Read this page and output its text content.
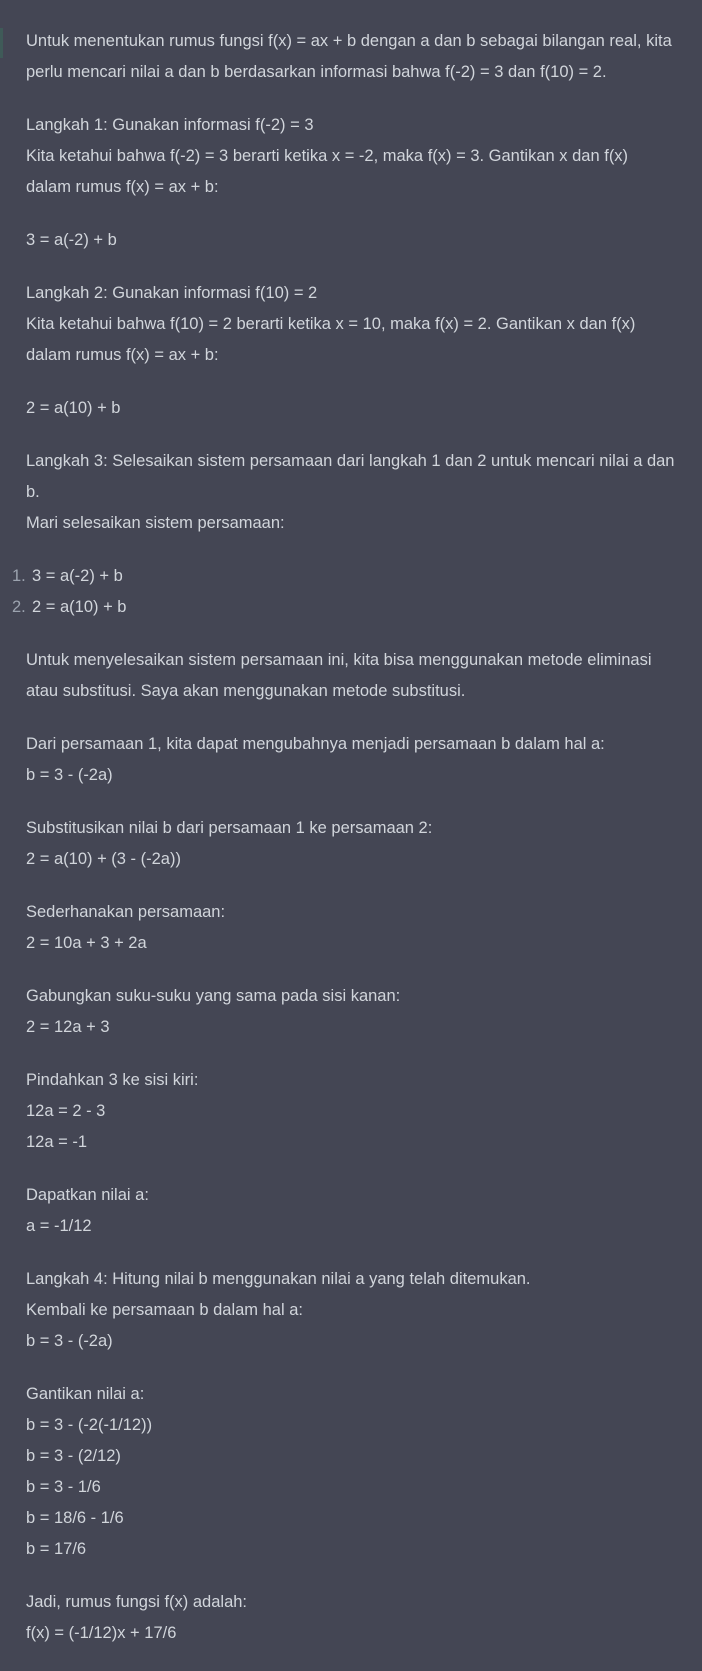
Untuk menentukan rumus fungsi f(x) = ax + b dengan a dan b sebagai bilangan real, kita perlu mencari nilai a dan b berdasarkan informasi bahwa f(-2) = 3 dan f(10) = 2.

Langkah 1: Gunakan informasi f(-2) = 3
Kita ketahui bahwa f(-2) = 3 berarti ketika x = -2, maka f(x) = 3. Gantikan x dan f(x) dalam rumus f(x) = ax + b:

3 = a(-2) + b

Langkah 2: Gunakan informasi f(10) = 2
Kita ketahui bahwa f(10) = 2 berarti ketika x = 10, maka f(x) = 2. Gantikan x dan f(x) dalam rumus f(x) = ax + b:

2 = a(10) + b

Langkah 3: Selesaikan sistem persamaan dari langkah 1 dan 2 untuk mencari nilai a dan b.
Mari selesaikan sistem persamaan:

1. 3 = a(-2) + b
2. 2 = a(10) + b

Untuk menyelesaikan sistem persamaan ini, kita bisa menggunakan metode eliminasi atau substitusi. Saya akan menggunakan metode substitusi.

Dari persamaan 1, kita dapat mengubahnya menjadi persamaan b dalam hal a:
b = 3 - (-2a)

Substitusikan nilai b dari persamaan 1 ke persamaan 2:
2 = a(10) + (3 - (-2a))

Sederhanakan persamaan:
2 = 10a + 3 + 2a

Gabungkan suku-suku yang sama pada sisi kanan:
2 = 12a + 3

Pindahkan 3 ke sisi kiri:
12a = 2 - 3
12a = -1

Dapatkan nilai a:
a = -1/12

Langkah 4: Hitung nilai b menggunakan nilai a yang telah ditemukan.
Kembali ke persamaan b dalam hal a:
b = 3 - (-2a)

Gantikan nilai a:
b = 3 - (-2(-1/12))
b = 3 - (2/12)
b = 3 - 1/6
b = 18/6 - 1/6
b = 17/6

Jadi, rumus fungsi f(x) adalah:
f(x) = (-1/12)x + 17/6
